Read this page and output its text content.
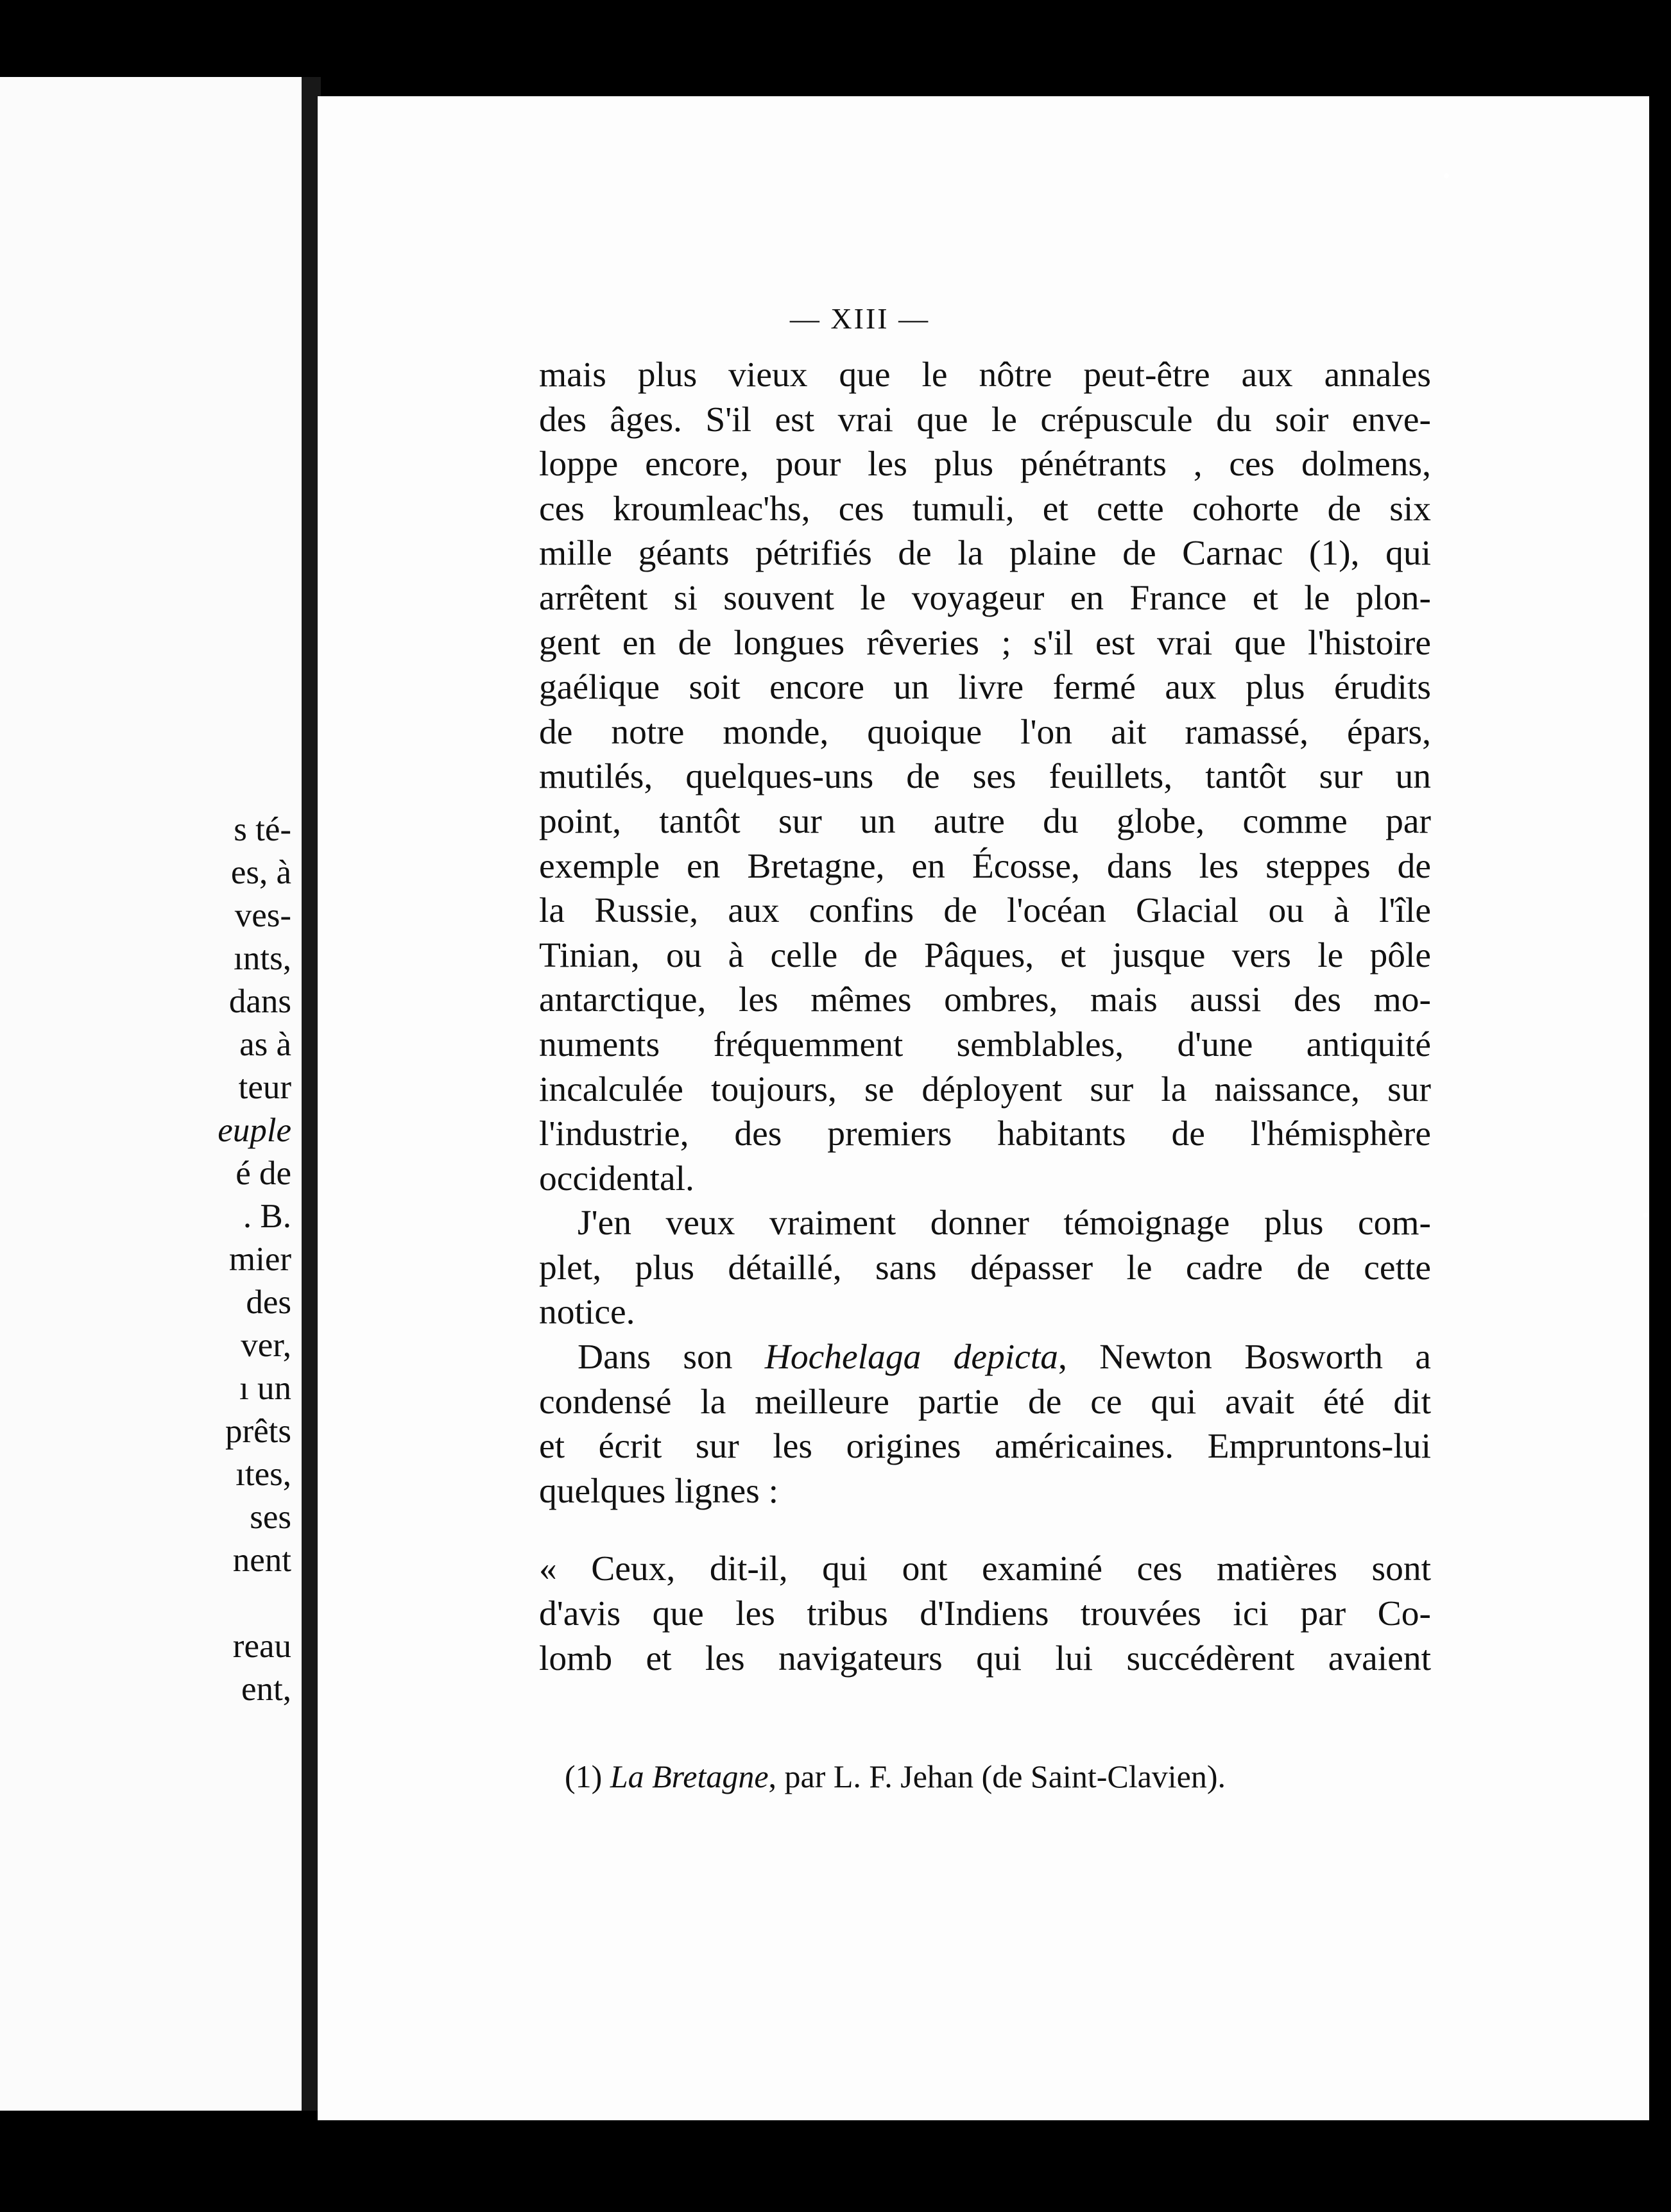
s té-
es, à
ves-
ınts,
dans
as à
teur
euple
é de
. B.
mier
des
ver,
ı un
prêts
ıtes,
ses
nent
reau
ent,
— XIII —

mais plus vieux que le nôtre peut-être aux annales
des âges. S'il est vrai que le crépuscule du soir enve-
loppe encore, pour les plus pénétrants , ces dolmens,
ces kroumleac'hs, ces tumuli, et cette cohorte de six
mille géants pétrifiés de la plaine de Carnac (1), qui
arrêtent si souvent le voyageur en France et le plon-
gent en de longues rêveries ; s'il est vrai que l'histoire
gaélique soit encore un livre fermé aux plus érudits
de notre monde, quoique l'on ait ramassé, épars,
mutilés, quelques-uns de ses feuillets, tantôt sur un
point, tantôt sur un autre du globe, comme par
exemple en Bretagne, en Écosse, dans les steppes de
la Russie, aux confins de l'océan Glacial ou à l'île
Tinian, ou à celle de Pâques, et jusque vers le pôle
antarctique, les mêmes ombres, mais aussi des mo-
numents fréquemment semblables, d'une antiquité
incalculée toujours, se déployent sur la naissance, sur
l'industrie, des premiers habitants de l'hémisphère
occidental.

J'en veux vraiment donner témoignage plus com-
plet, plus détaillé, sans dépasser le cadre de cette
notice.

Dans son Hochelaga depicta, Newton Bosworth a
condensé la meilleure partie de ce qui avait été dit
et écrit sur les origines américaines. Empruntons-lui
quelques lignes :

« Ceux, dit-il, qui ont examiné ces matières sont
d'avis que les tribus d'Indiens trouvées ici par Co-
lomb et les navigateurs qui lui succédèrent avaient

(1) La Bretagne, par L. F. Jehan (de Saint-Clavien).
